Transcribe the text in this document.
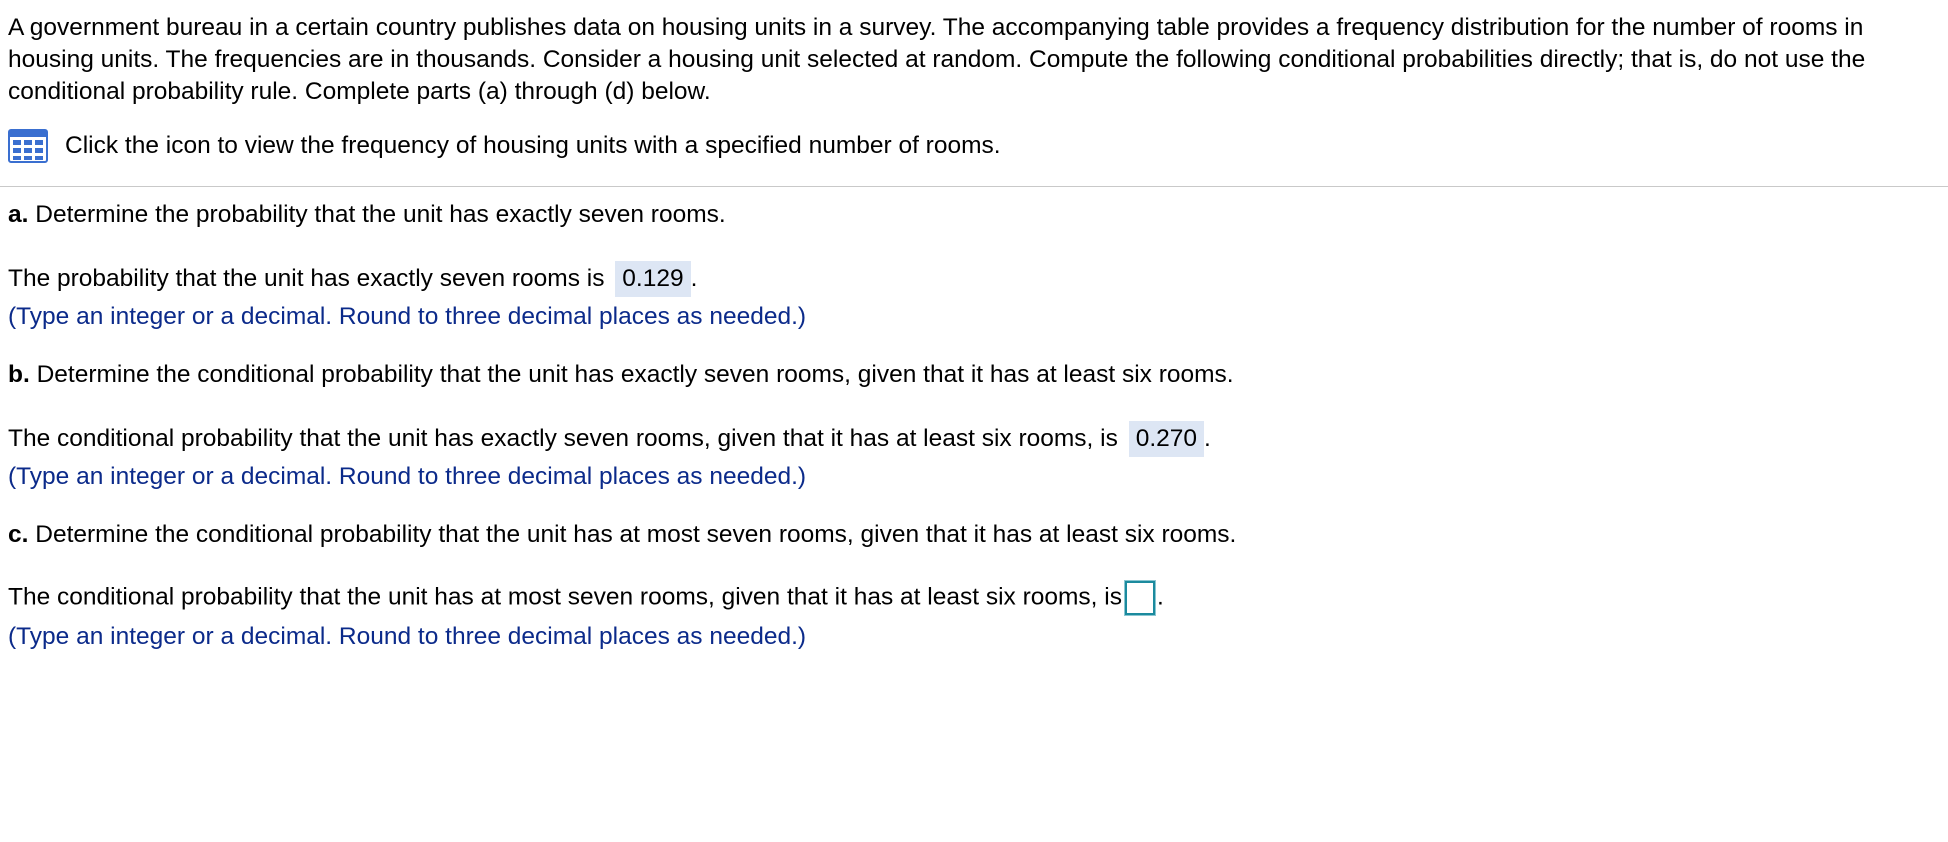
A government bureau in a certain country publishes data on housing units in a survey. The accompanying table provides a frequency distribution for the number of rooms in housing units. The frequencies are in thousands. Consider a housing unit selected at random. Compute the following conditional probabilities directly; that is, do not use the conditional probability rule. Complete parts (a) through (d) below.

Click the icon to view the frequency of housing units with a specified number of rooms.

a. Determine the probability that the unit has exactly seven rooms.

The probability that the unit has exactly seven rooms is 0.129 .

(Type an integer or a decimal. Round to three decimal places as needed.)

b. Determine the conditional probability that the unit has exactly seven rooms, given that it has at least six rooms.

The conditional probability that the unit has exactly seven rooms, given that it has at least six rooms, is 0.270 .

(Type an integer or a decimal. Round to three decimal places as needed.)

c. Determine the conditional probability that the unit has at most seven rooms, given that it has at least six rooms.

The conditional probability that the unit has at most seven rooms, given that it has at least six rooms, is .

(Type an integer or a decimal. Round to three decimal places as needed.)
